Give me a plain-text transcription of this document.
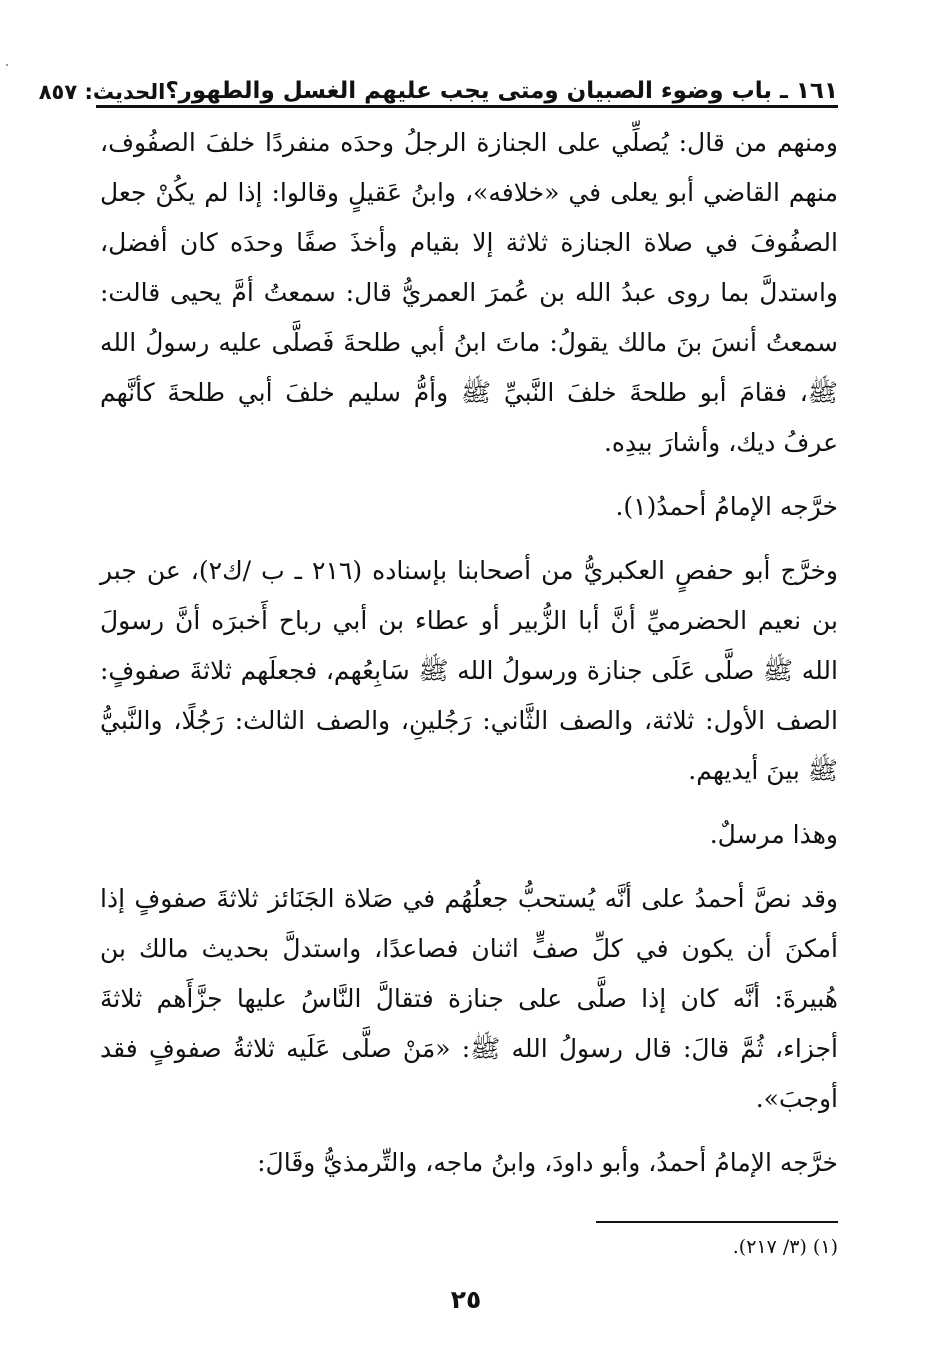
١٦١ ـ باب وضوء الصبيان ومتى يجب عليهم الغسل والطهور؟
الحديث: ٨٥٧

ومنهم من قال: يُصلِّي على الجنازة الرجلُ وحدَه منفردًا خلفَ الصفُوف، منهم القاضي أبو يعلى في «خلافه»، وابنُ عَقيلٍ وقالوا: إذا لم يكُنْ جعل الصفُوفَ في صلاة الجنازة ثلاثة إلا بقيام وأخذَ صفًا وحدَه كان أفضل، واستدلَّ بما روى عبدُ الله بن عُمرَ العمريُّ قال: سمعتُ أمَّ يحيى قالت: سمعتُ أنسَ بنَ مالك يقولُ: ماتَ ابنُ أبي طلحةَ فَصلَّى عليه رسولُ الله ﷺ، فقامَ أبو طلحةَ خلفَ النَّبيِّ ﷺ وأمُّ سليم خلفَ أبي طلحةَ كأنَّهم عرفُ ديك، وأشارَ بيدِه.

خرَّجه الإمامُ أحمدُ(١).

وخرَّج أبو حفصٍ العكبريُّ من أصحابنا بإسناده (٢١٦ ـ ب /ك٢)، عن جبر بن نعيم الحضرميِّ أنَّ أبا الزُّبير أو عطاء بن أبي رباح أَخبرَه أنَّ رسولَ الله ﷺ صلَّى عَلَى جنازة ورسولُ الله ﷺ سَابِعُهم، فجعلَهم ثلاثةَ صفوفٍ: الصف الأول: ثلاثة، والصف الثَّاني: رَجُلينِ، والصف الثالث: رَجُلًا، والنَّبيُّ ﷺ بينَ أيديهم.

وهذا مرسلٌ.

وقد نصَّ أحمدُ على أنَّه يُستحبُّ جعلُهُم في صَلاة الجَنَائز ثلاثةَ صفوفٍ إذا أمكنَ أن يكون في كلِّ صفٍّ اثنان فصاعدًا، واستدلَّ بحديث مالك بن هُبيرةَ: أنَّه كان إذا صلَّى على جنازة فتقالَّ النَّاسُ عليها جزَّأَهم ثلاثةَ أجزاء، ثُمَّ قالَ: قال رسولُ الله ﷺ: «مَنْ صلَّى عَلَيه ثلاثةُ صفوفٍ فقد أوجبَ».

خرَّجه الإمامُ أحمدُ، وأبو داودَ، وابنُ ماجه، والتِّرمذيُّ وقَالَ:

(١) (٣/ ٢١٧).
٢٥
